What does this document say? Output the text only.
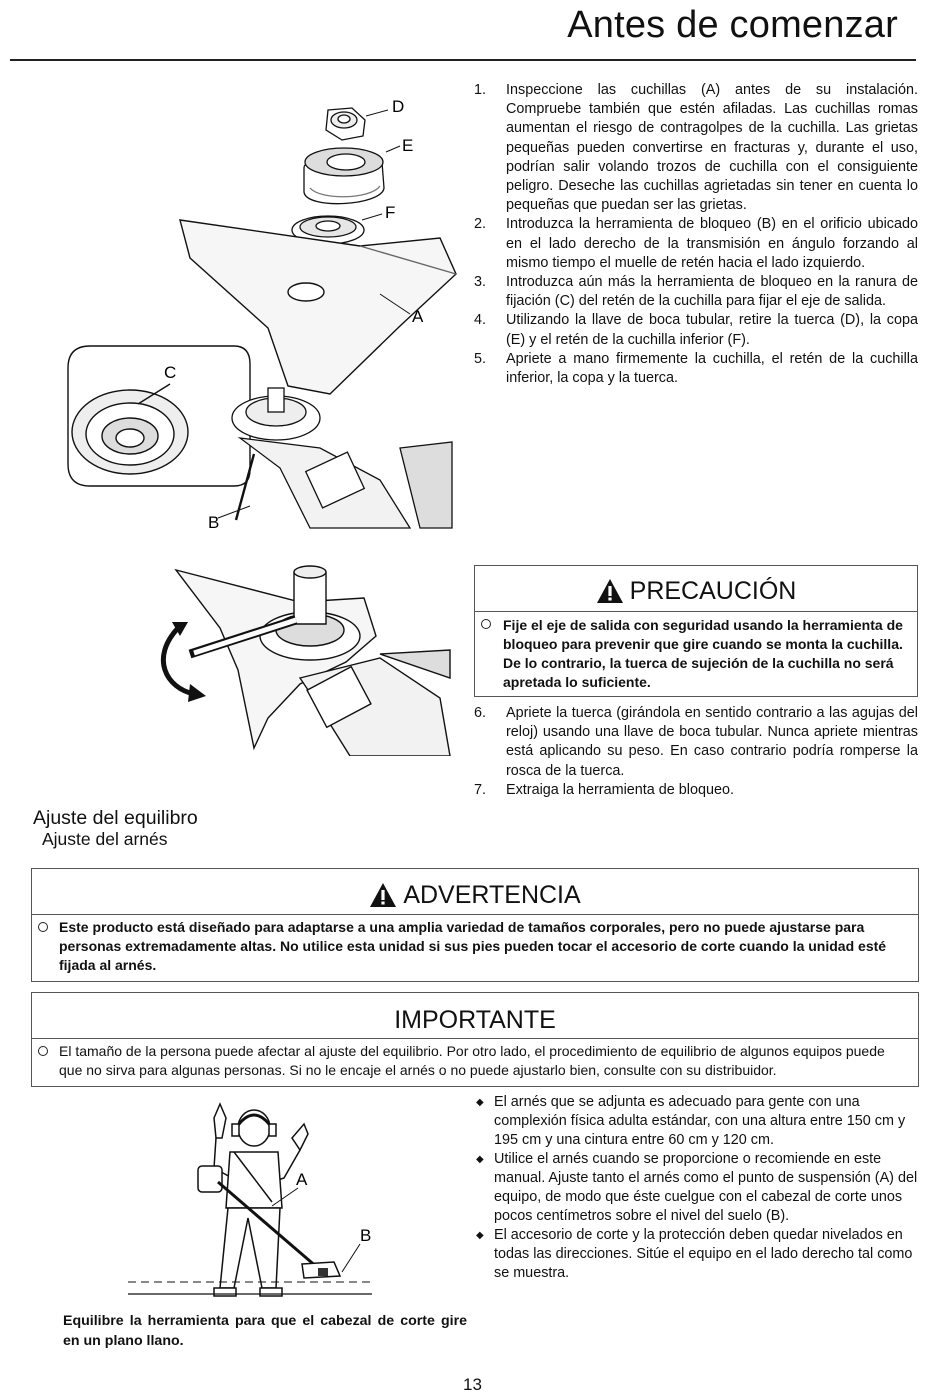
Antes de comenzar
D
E
F
A
C
B
1. Inspeccione las cuchillas (A) antes de su instalación. Compruebe también que estén afiladas. Las cuchillas romas aumentan el riesgo de contragolpes de la cuchilla. Las grietas pequeñas pueden convertirse en fracturas y, durante el uso, podrían salir volando trozos de cuchilla con el consiguiente peligro. Deseche las cuchillas agrietadas sin tener en cuenta lo pequeñas que puedan ser las grietas.
2. Introduzca la herramienta de bloqueo (B) en el orificio ubicado en el lado derecho de la transmisión en ángulo forzando al mismo tiempo el muelle de retén hacia el lado izquierdo.
3. Introduzca aún más la herramienta de bloqueo en la ranura de fijación (C) del retén de la cuchilla para fijar el eje de salida.
4. Utilizando la llave de boca tubular, retire la tuerca (D), la copa (E) y el retén de la cuchilla inferior (F).
5. Apriete a mano firmemente la cuchilla, el retén de la cuchilla inferior, la copa y la tuerca.
PRECAUCIÓN
Fije el eje de salida con seguridad usando la herramienta de bloqueo para prevenir que gire cuando se monta la cuchilla. De lo contrario, la tuerca de sujeción de la cuchilla no será apretada lo suficiente.
6. Apriete la tuerca (girándola en sentido contrario a las agujas del reloj) usando una llave de boca tubular. Nunca apriete mientras está aplicando su peso. En caso contrario podría romperse la rosca de la tuerca.
7. Extraiga la herramienta de bloqueo.
Ajuste del equilibro
Ajuste del arnés
ADVERTENCIA
Este producto está diseñado para adaptarse a una amplia variedad de tamaños corporales, pero no puede ajustarse para personas extremadamente altas. No utilice esta unidad si sus pies pueden tocar el accesorio de corte cuando la unidad esté fijada al arnés.
IMPORTANTE
El tamaño de la persona puede afectar al ajuste del equilibrio. Por otro lado, el procedimiento de equilibrio de algunos equipos puede que no sirva para algunas personas. Si no le encaje el arnés o no puede ajustarlo bien, consulte con su distribuidor.
A
B
◆ El arnés que se adjunta es adecuado para gente con una complexión física adulta estándar, con una altura entre 150 cm y 195 cm y una cintura entre 60 cm y 120 cm.
◆ Utilice el arnés cuando se proporcione o recomiende en este manual. Ajuste tanto el arnés como el punto de suspensión (A) del equipo, de modo que éste cuelgue con el cabezal de corte unos pocos centímetros sobre el nivel del suelo (B).
◆ El accesorio de corte y la protección deben quedar nivelados en todas las direcciones. Sitúe el equipo en el lado derecho tal como se muestra.

Equilibre la herramienta para que el cabezal de corte gire en un plano llano.

13
